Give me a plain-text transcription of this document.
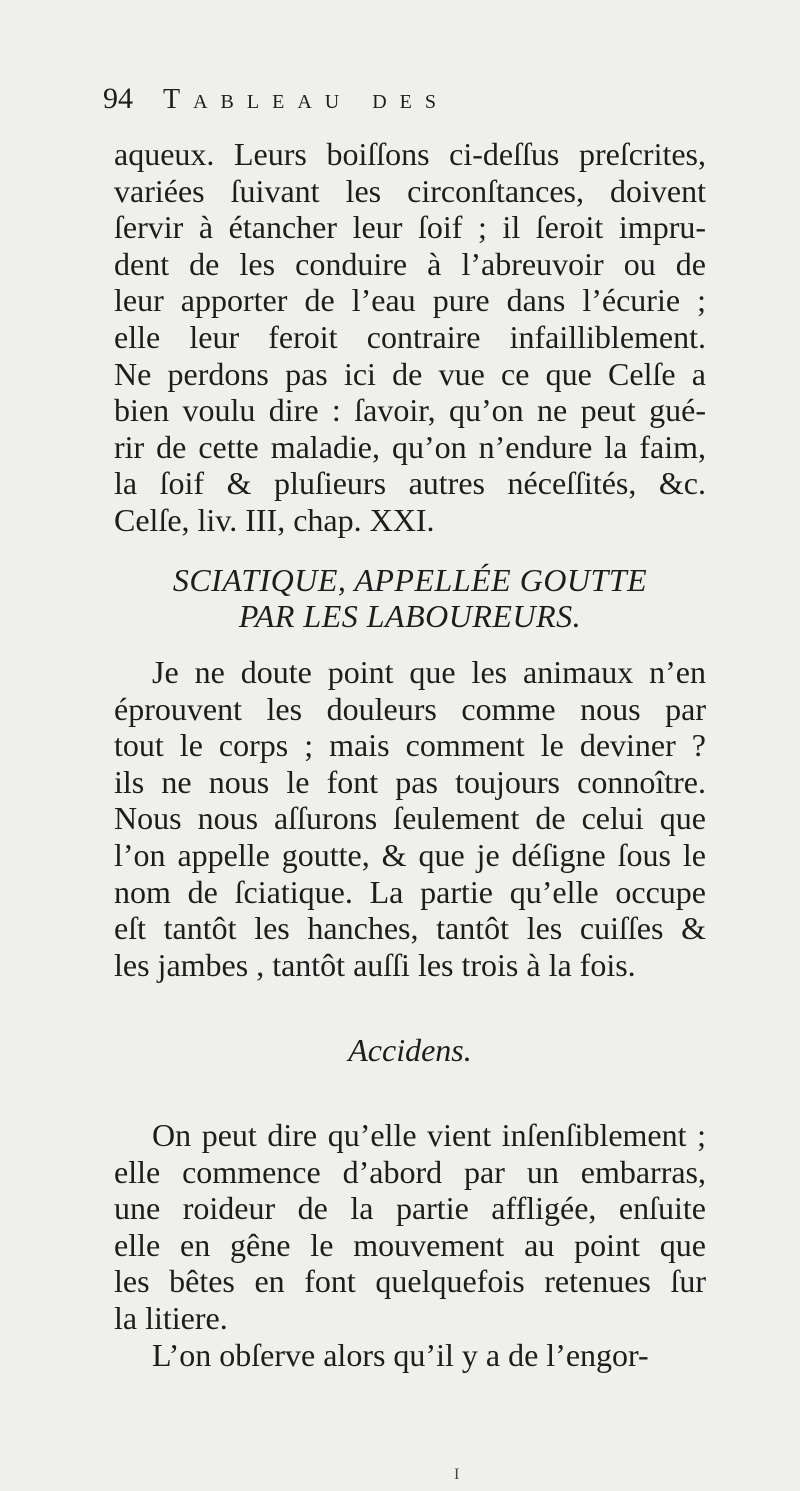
94 Tableau des
aqueux. Leurs boiſſons ci-deſſus preſcrites,
variées ſuivant les circonſtances, doivent
ſervir à étancher leur ſoif ; il ſeroit impru-
dent de les conduire à l’abreuvoir ou de
leur apporter de l’eau pure dans l’écurie ;
elle leur feroit contraire infailliblement.
Ne perdons pas ici de vue ce que Celſe a
bien voulu dire : ſavoir, qu’on ne peut gué-
rir de cette maladie, qu’on n’endure la faim,
la ſoif & pluſieurs autres néceſſités, &c.
Celſe, liv. III, chap. XXI.
SCIATIQUE, APPELLÉE GOUTTE
PAR LES LABOUREURS.
Je ne doute point que les animaux n’en
éprouvent les douleurs comme nous par
tout le corps ; mais comment le deviner ?
ils ne nous le font pas toujours connoître.
Nous nous aſſurons ſeulement de celui que
l’on appelle goutte, & que je déſigne ſous le
nom de ſciatique. La partie qu’elle occupe
eſt tantôt les hanches, tantôt les cuiſſes &
les jambes , tantôt auſſi les trois à la fois.
Accidens.
On peut dire qu’elle vient inſenſiblement ;
elle commence d’abord par un embarras,
une roideur de la partie affligée, enſuite
elle en gêne le mouvement au point que
les bêtes en font quelquefois retenues ſur
la litiere.
L’on obſerve alors qu’il y a de l’engor-
I
